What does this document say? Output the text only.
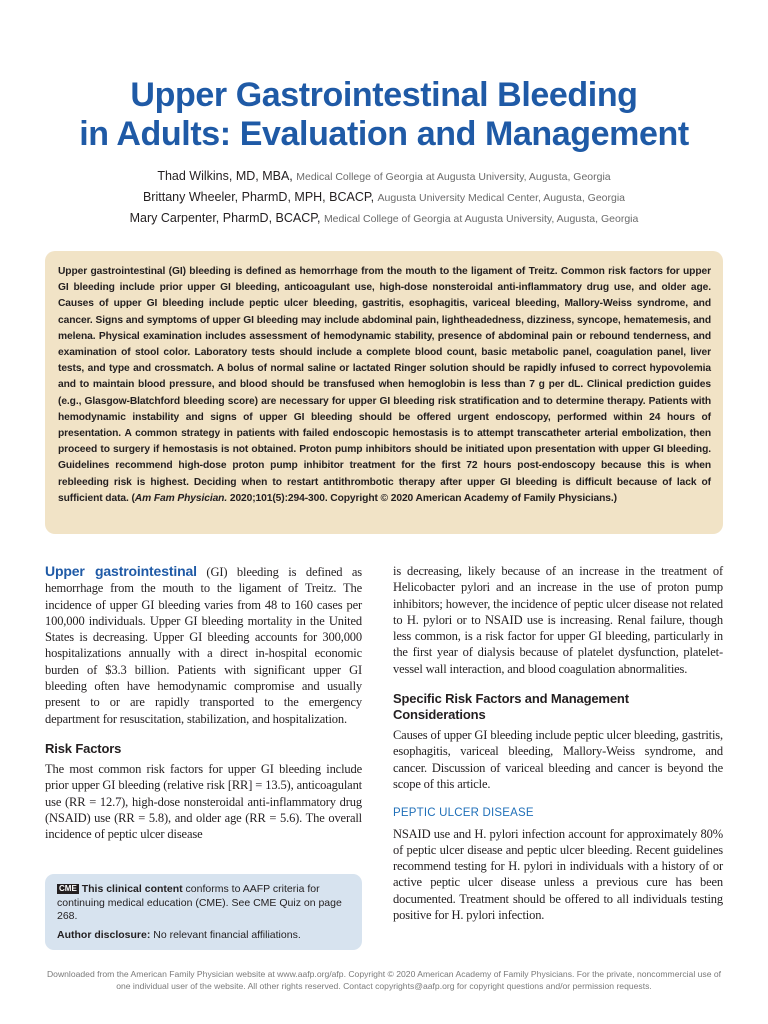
Upper Gastrointestinal Bleeding
in Adults: Evaluation and Management
Thad Wilkins, MD, MBA, Medical College of Georgia at Augusta University, Augusta, Georgia
Brittany Wheeler, PharmD, MPH, BCACP, Augusta University Medical Center, Augusta, Georgia
Mary Carpenter, PharmD, BCACP, Medical College of Georgia at Augusta University, Augusta, Georgia
Upper gastrointestinal (GI) bleeding is defined as hemorrhage from the mouth to the ligament of Treitz. Common risk factors for upper GI bleeding include prior upper GI bleeding, anticoagulant use, high-dose nonsteroidal anti-inflammatory drug use, and older age. Causes of upper GI bleeding include peptic ulcer bleeding, gastritis, esophagitis, variceal bleeding, Mallory-Weiss syndrome, and cancer. Signs and symptoms of upper GI bleeding may include abdominal pain, lightheadedness, dizziness, syncope, hematemesis, and melena. Physical examination includes assessment of hemodynamic stability, presence of abdominal pain or rebound tenderness, and examination of stool color. Laboratory tests should include a complete blood count, basic metabolic panel, coagulation panel, liver tests, and type and crossmatch. A bolus of normal saline or lactated Ringer solution should be rapidly infused to correct hypovolemia and to maintain blood pressure, and blood should be transfused when hemoglobin is less than 7 g per dL. Clinical prediction guides (e.g., Glasgow-Blatchford bleeding score) are necessary for upper GI bleeding risk stratification and to determine therapy. Patients with hemodynamic instability and signs of upper GI bleeding should be offered urgent endoscopy, performed within 24 hours of presentation. A common strategy in patients with failed endoscopic hemostasis is to attempt transcatheter arterial embolization, then proceed to surgery if hemostasis is not obtained. Proton pump inhibitors should be initiated upon presentation with upper GI bleeding. Guidelines recommend high-dose proton pump inhibitor treatment for the first 72 hours post-endoscopy because this is when rebleeding risk is highest. Deciding when to restart antithrombotic therapy after upper GI bleeding is difficult because of lack of sufficient data. (Am Fam Physician. 2020;101(5):294-300. Copyright © 2020 American Academy of Family Physicians.)

Upper gastrointestinal (GI) bleeding is defined as hemorrhage from the mouth to the ligament of Treitz. The incidence of upper GI bleeding varies from 48 to 160 cases per 100,000 individuals. Upper GI bleeding mortality in the United States is decreasing. Upper GI bleeding accounts for 300,000 hospitalizations annually with a direct in-hospital economic burden of $3.3 billion. Patients with significant upper GI bleeding often have hemodynamic compromise and usually present to or are rapidly transported to the emergency department for resuscitation, stabilization, and hospitalization.

Risk Factors

The most common risk factors for upper GI bleeding include prior upper GI bleeding (relative risk [RR] = 13.5), anticoagulant use (RR = 12.7), high-dose nonsteroidal anti-inflammatory drug (NSAID) use (RR = 5.8), and older age (RR = 5.6). The overall incidence of peptic ulcer disease

CME This clinical content conforms to AAFP criteria for continuing medical education (CME). See CME Quiz on page 268.
Author disclosure: No relevant financial affiliations.

is decreasing, likely because of an increase in the treatment of Helicobacter pylori and an increase in the use of proton pump inhibitors; however, the incidence of peptic ulcer disease not related to H. pylori or to NSAID use is increasing. Renal failure, though less common, is a risk factor for upper GI bleeding, particularly in the first year of dialysis because of platelet dysfunction, platelet-vessel wall interaction, and blood coagulation abnormalities.

Specific Risk Factors and Management Considerations

Causes of upper GI bleeding include peptic ulcer bleeding, gastritis, esophagitis, variceal bleeding, Mallory-Weiss syndrome, and cancer. Discussion of variceal bleeding and cancer is beyond the scope of this article.

PEPTIC ULCER DISEASE

NSAID use and H. pylori infection account for approximately 80% of peptic ulcer disease and peptic ulcer bleeding. Recent guidelines recommend testing for H. pylori in individuals with a history of or active peptic ulcer disease unless a previous cure has been documented. Treatment should be offered to all individuals testing positive for H. pylori infection.

Downloaded from the American Family Physician website at www.aafp.org/afp. Copyright © 2020 American Academy of Family Physicians. For the private, noncommercial use of one individual user of the website. All other rights reserved. Contact copyrights@aafp.org for copyright questions and/or permission requests.
